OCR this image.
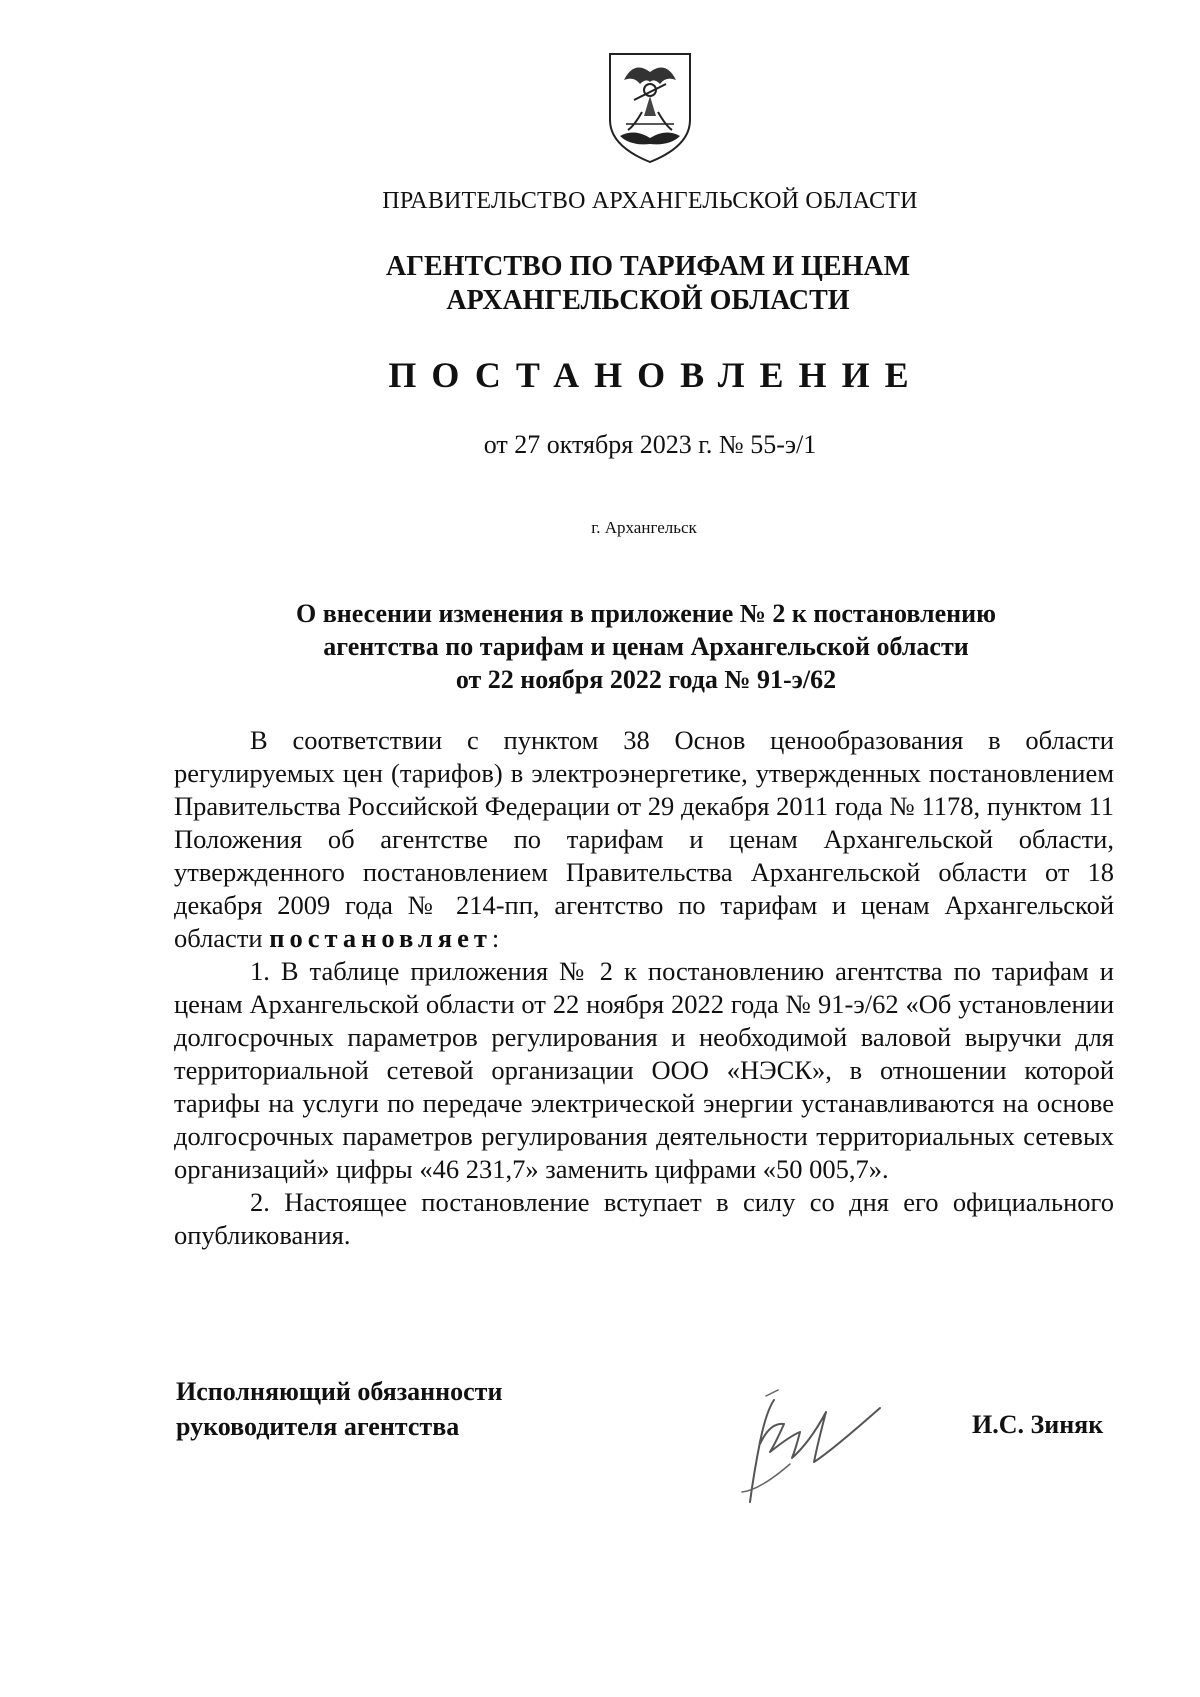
ПРАВИТЕЛЬСТВО АРХАНГЕЛЬСКОЙ ОБЛАСТИ
АГЕНТСТВО ПО ТАРИФАМ И ЦЕНАМ
АРХАНГЕЛЬСКОЙ ОБЛАСТИ
ПОСТАНОВЛЕНИЕ
от 27 октября 2023 г. № 55-э/1
г. Архангельск
О внесении изменения в приложение № 2 к постановлению
агентства по тарифам и ценам Архангельской области
от 22 ноября 2022 года № 91-э/62

В соответствии с пунктом 38 Основ ценообразования в области регулируемых цен (тарифов) в электроэнергетике, утвержденных постановлением Правительства Российской Федерации от 29 декабря 2011 года № 1178, пунктом 11 Положения об агентстве по тарифам и ценам Архангельской области, утвержденного постановлением Правительства Архангельской области от 18 декабря 2009 года № 214-пп, агентство по тарифам и ценам Архангельской области постановляет:

1. В таблице приложения № 2 к постановлению агентства по тарифам и ценам Архангельской области от 22 ноября 2022 года № 91-э/62 «Об установлении долгосрочных параметров регулирования и необходимой валовой выручки для территориальной сетевой организации ООО «НЭСК», в отношении которой тарифы на услуги по передаче электрической энергии устанавливаются на основе долгосрочных параметров регулирования деятельности территориальных сетевых организаций» цифры «46 231,7» заменить цифрами «50 005,7».

2. Настоящее постановление вступает в силу со дня его официального опубликования.

Исполняющий обязанности
руководителя агентства	И.С. Зиняк
